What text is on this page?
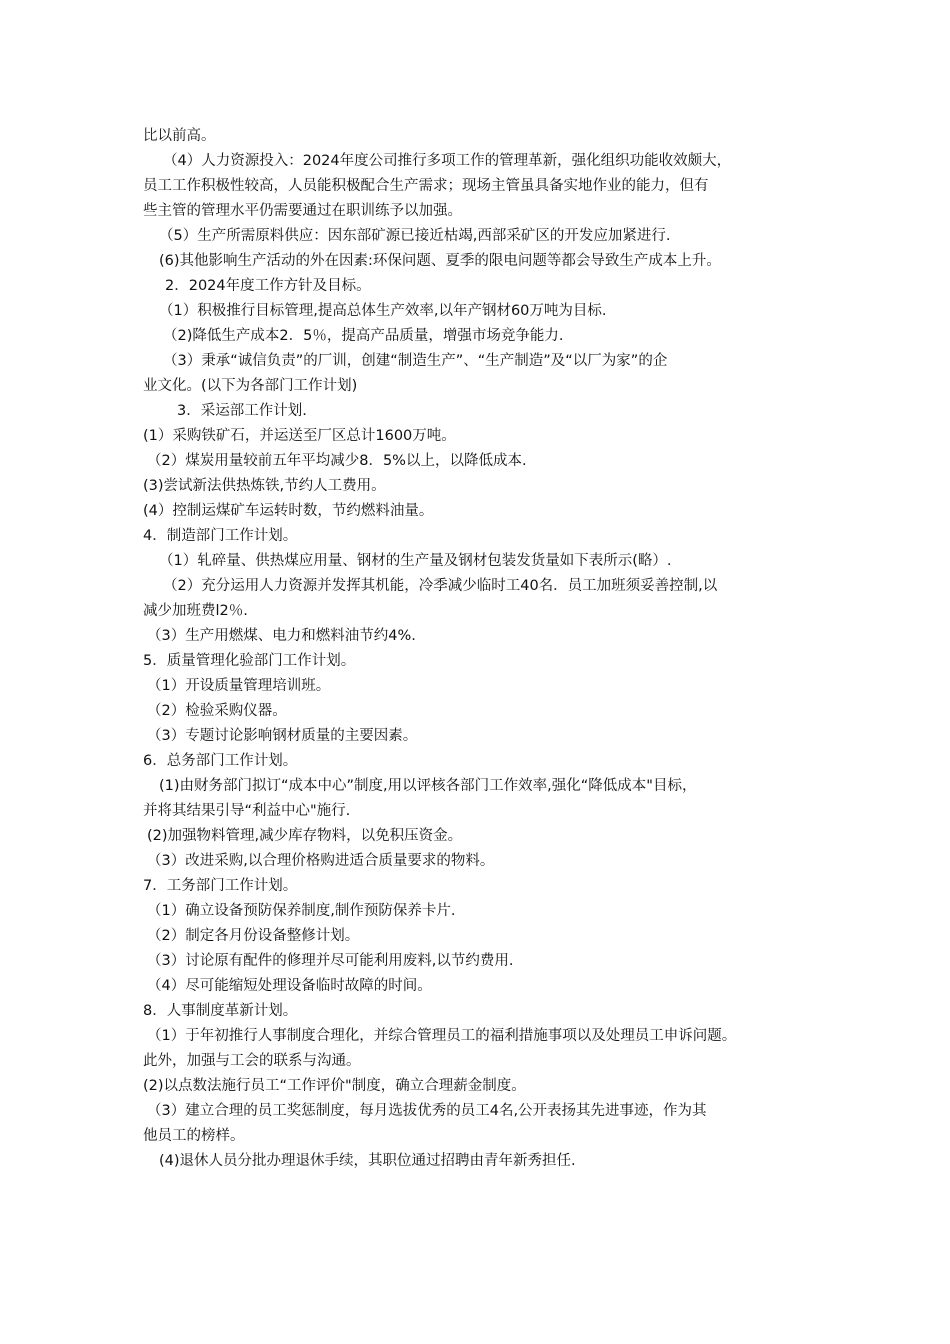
比以前高。
（4）人力资源投入：2024年度公司推行多项工作的管理革新，强化组织功能收效颇大，
员工工作积极性较高，人员能积极配合生产需求；现场主管虽具备实地作业的能力，但有
些主管的管理水平仍需要通过在职训练予以加强。
（5）生产所需原料供应：因东部矿源已接近枯竭,西部采矿区的开发应加紧进行.
(6)其他影响生产活动的外在因素:环保问题、夏季的限电问题等都会导致生产成本上升。
2．2024年度工作方针及目标。
（1）积极推行目标管理,提高总体生产效率,以年产钢材60万吨为目标.
（2)降低生产成本2．5％，提高产品质量，增强市场竞争能力.
（3）秉承“诚信负责”的厂训，创建“制造生产”、“生产制造”及“以厂为家”的企
业文化。(以下为各部门工作计划)
3．采运部工作计划.
(1）采购铁矿石，并运送至厂区总计1600万吨。
（2）煤炭用量较前五年平均减少8．5%以上，以降低成本.
(3)尝试新法供热炼铁,节约人工费用。
(4）控制运煤矿车运转时数，节约燃料油量。
4．制造部门工作计划。
（1）轧碎量、供热煤应用量、钢材的生产量及钢材包装发货量如下表所示(略）.
（2）充分运用人力资源并发挥其机能，冷季减少临时工40名．员工加班须妥善控制,以
减少加班费l2％.
（3）生产用燃煤、电力和燃料油节约4%.
5．质量管理化验部门工作计划。
（1）开设质量管理培训班。
（2）检验采购仪器。
（3）专题讨论影响钢材质量的主要因素。
6．总务部门工作计划。
(1)由财务部门拟订“成本中心”制度,用以评核各部门工作效率,强化“降低成本"目标，
并将其结果引导“利益中心"施行.
(2)加强物料管理,减少库存物料，以免积压资金。
（3）改进采购,以合理价格购进适合质量要求的物料。
7．工务部门工作计划。
（1）确立设备预防保养制度,制作预防保养卡片.
（2）制定各月份设备整修计划。
（3）讨论原有配件的修理并尽可能利用废料,以节约费用.
（4）尽可能缩短处理设备临时故障的时间。
8．人事制度革新计划。
（1）于年初推行人事制度合理化，并综合管理员工的福利措施事项以及处理员工申诉问题。
此外，加强与工会的联系与沟通。
(2)以点数法施行员工“工作评价"制度，确立合理薪金制度。
（3）建立合理的员工奖惩制度，每月选拔优秀的员工4名,公开表扬其先进事迹，作为其
他员工的榜样。
(4)退休人员分批办理退休手续，其职位通过招聘由青年新秀担任.
